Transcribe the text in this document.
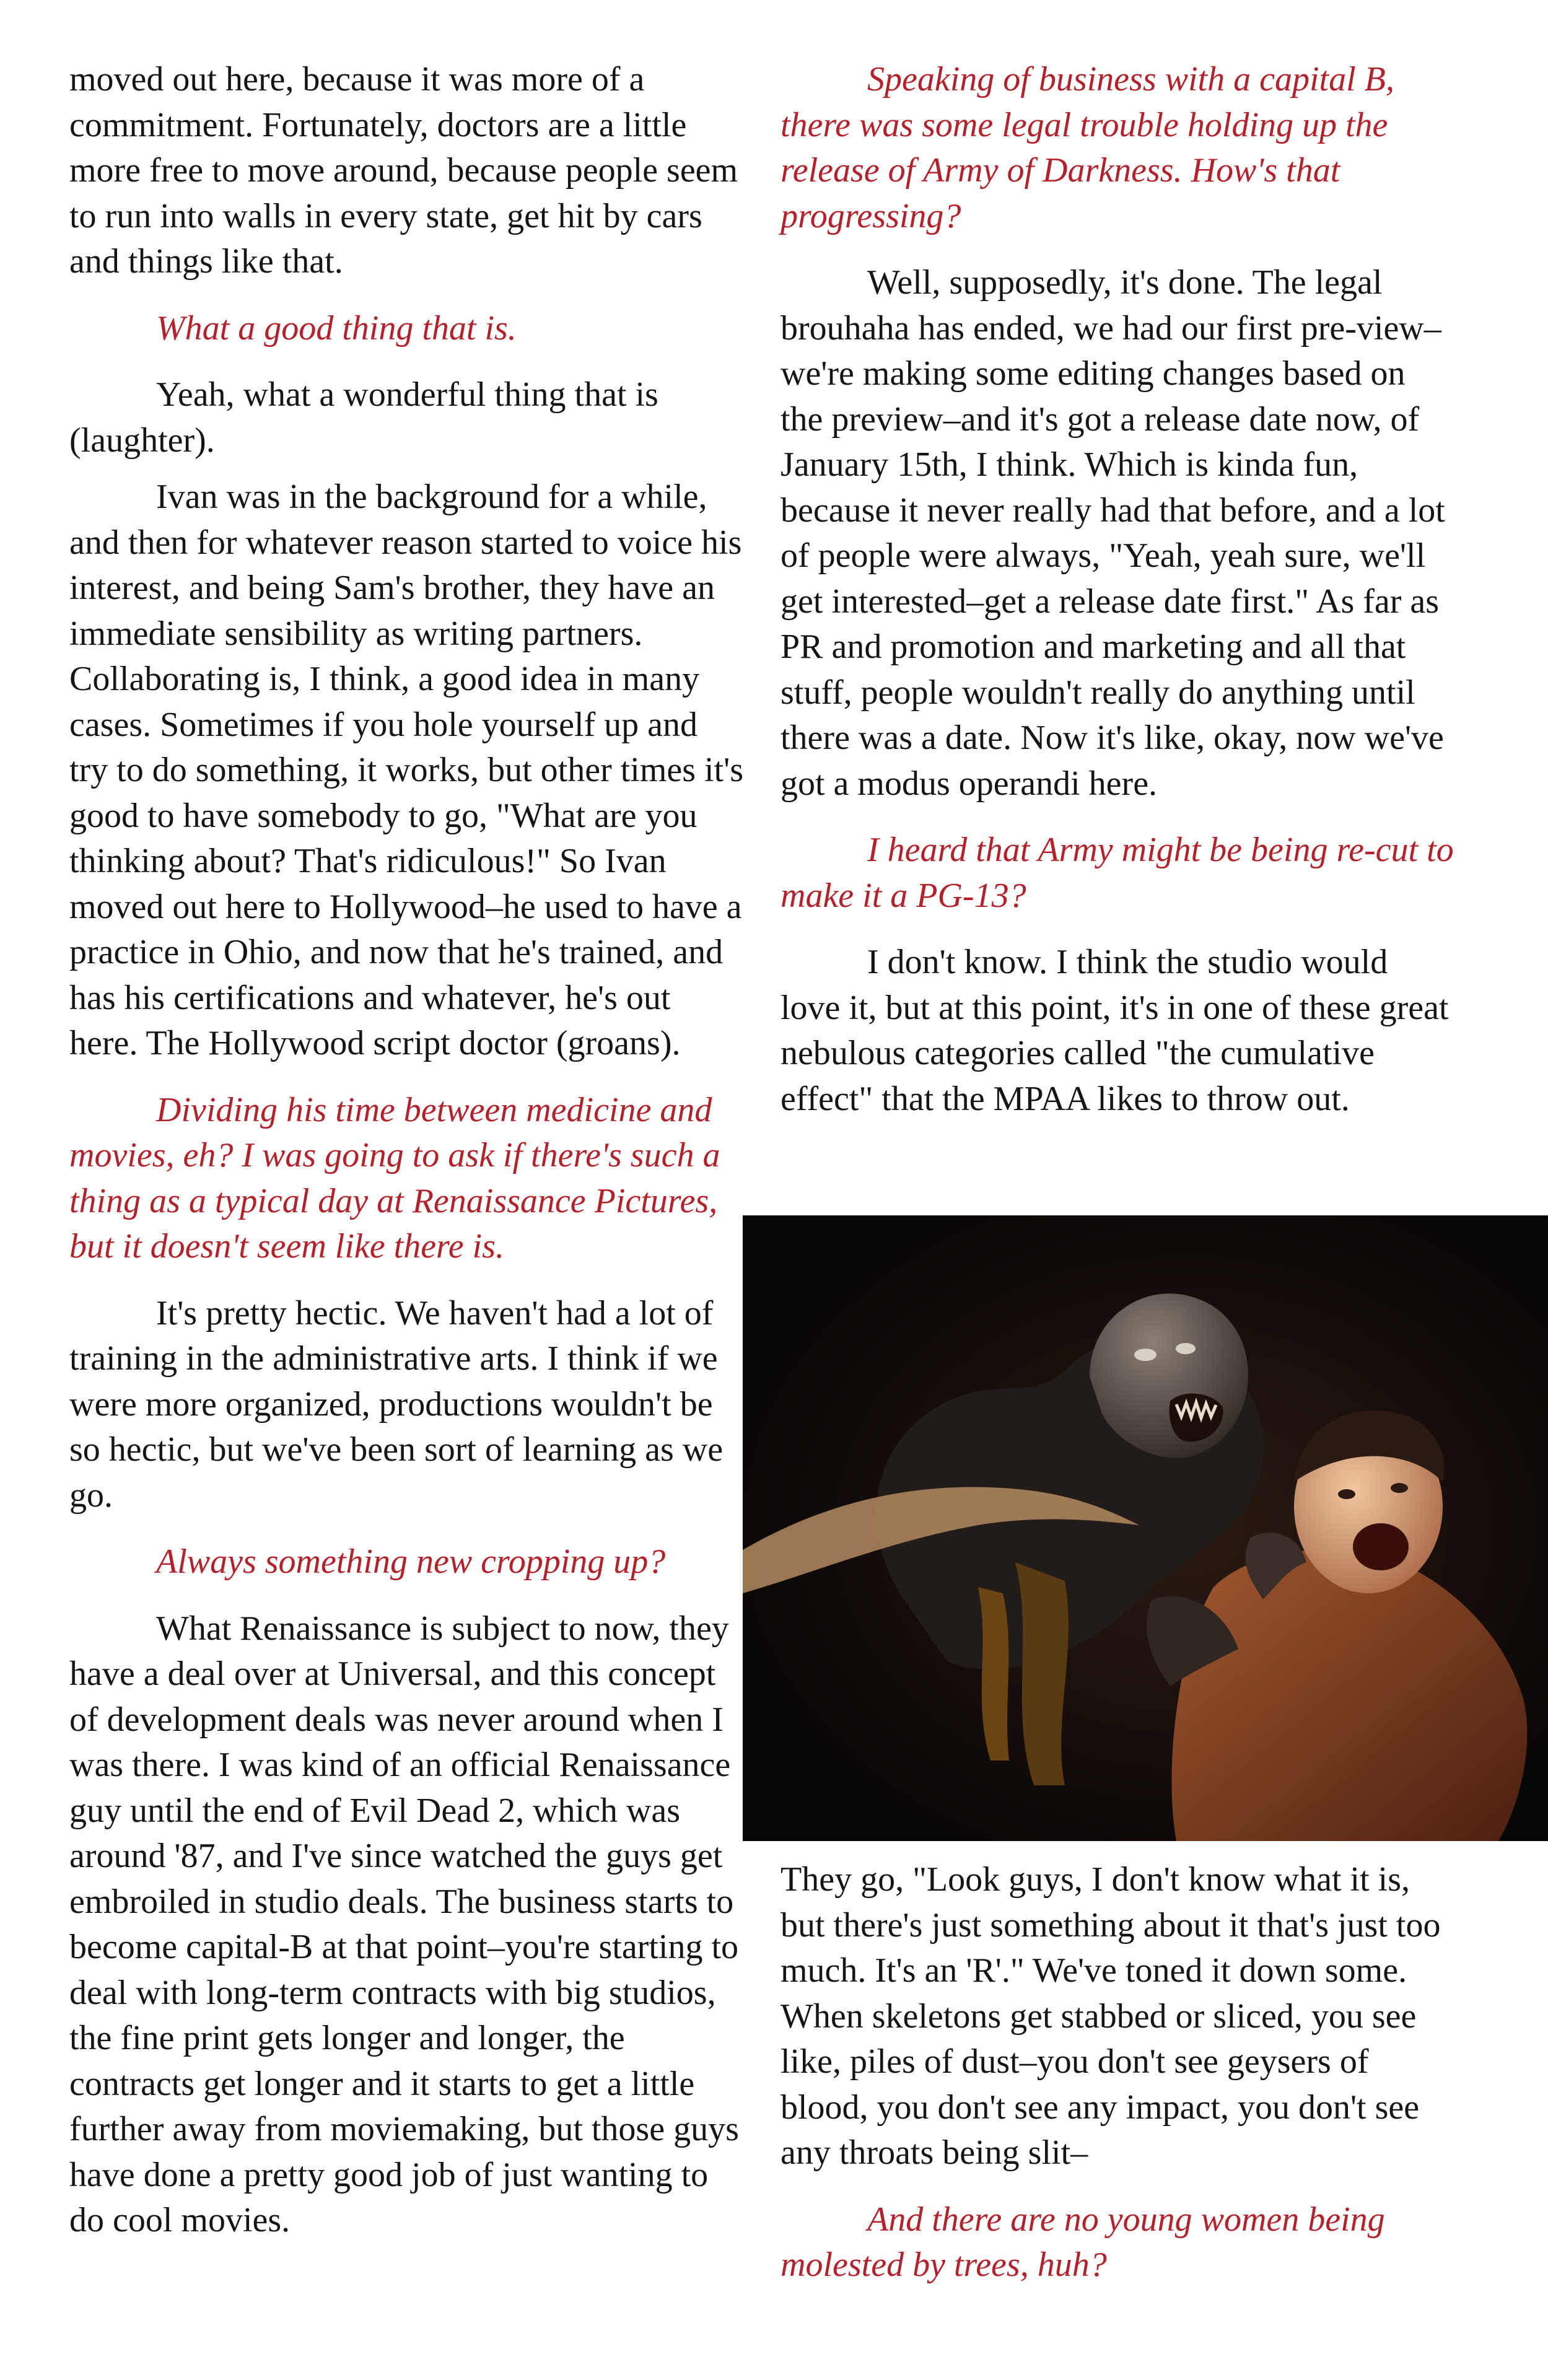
moved out here, because it was more of a commitment. Fortunately, doctors are a little more free to move around, because people seem to run into walls in every state, get hit by cars and things like that.

What a good thing that is.

Yeah, what a wonderful thing that is (laughter).

Ivan was in the background for a while, and then for whatever reason started to voice his interest, and being Sam's brother, they have an immediate sensibility as writing partners. Collaborating is, I think, a good idea in many cases. Sometimes if you hole yourself up and try to do something, it works, but other times it's good to have somebody to go, "What are you thinking about? That's ridiculous!" So Ivan moved out here to Hollywood–he used to have a practice in Ohio, and now that he's trained, and has his certifications and whatever, he's out here. The Hollywood script doctor (groans).

Dividing his time between medicine and movies, eh? I was going to ask if there's such a thing as a typical day at Renaissance Pictures, but it doesn't seem like there is.

It's pretty hectic. We haven't had a lot of training in the administrative arts. I think if we were more organized, productions wouldn't be so hectic, but we've been sort of learning as we go.

Always something new cropping up?

What Renaissance is subject to now, they have a deal over at Universal, and this concept of development deals was never around when I was there. I was kind of an official Renaissance guy until the end of Evil Dead 2, which was around '87, and I've since watched the guys get embroiled in studio deals. The business starts to become capital-B at that point–you're starting to deal with long-term contracts with big studios, the fine print gets longer and longer, the contracts get longer and it starts to get a little further away from moviemaking, but those guys have done a pretty good job of just wanting to do cool movies.

Speaking of business with a capital B, there was some legal trouble holding up the release of Army of Darkness. How's that progressing?

Well, supposedly, it's done. The legal brouhaha has ended, we had our first pre-view–we're making some editing changes based on the preview–and it's got a release date now, of January 15th, I think. Which is kinda fun, because it never really had that before, and a lot of people were always, "Yeah, yeah sure, we'll get interested–get a release date first." As far as PR and promotion and marketing and all that stuff, people wouldn't really do anything until there was a date. Now it's like, okay, now we've got a modus operandi here.

I heard that Army might be being re-cut to make it a PG-13?

I don't know. I think the studio would love it, but at this point, it's in one of these great nebulous categories called "the cumulative effect" that the MPAA likes to throw out.

They go, "Look guys, I don't know what it is, but there's just something about it that's just too much. It's an 'R'." We've toned it down some. When skeletons get stabbed or sliced, you see like, piles of dust–you don't see geysers of blood, you don't see any impact, you don't see any throats being slit–

And there are no young women being molested by trees, huh?
